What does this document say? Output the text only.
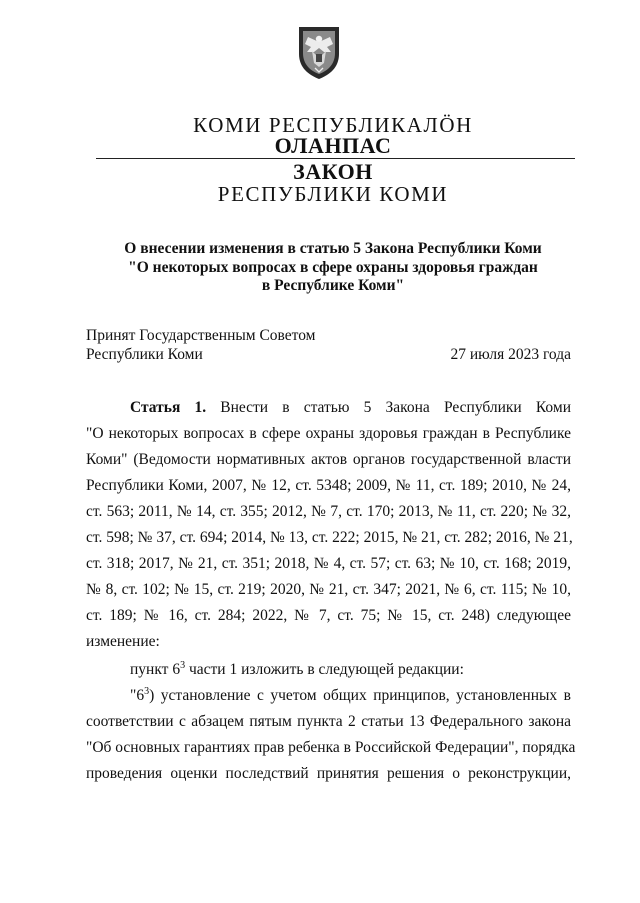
КОМИ РЕСПУБЛИКАЛӦН
ОЛАНПАС
ЗАКОН
РЕСПУБЛИКИ КОМИ
О внесении изменения в статью 5 Закона Республики Коми
"О некоторых вопросах в сфере охраны здоровья граждан
в Республике Коми"
Принят Государственным Советом
Республики Коми	27 июля 2023 года
Статья 1. Внести в статью 5 Закона Республики Коми
"О некоторых вопросах в сфере охраны здоровья граждан в Республике
Коми" (Ведомости нормативных актов органов государственной власти
Республики Коми, 2007, № 12, ст. 5348; 2009, № 11, ст. 189; 2010, № 24,
ст. 563; 2011, № 14, ст. 355; 2012, № 7, ст. 170; 2013, № 11, ст. 220; № 32,
ст. 598; № 37, ст. 694; 2014, № 13, ст. 222; 2015, № 21, ст. 282; 2016, № 21,
ст. 318; 2017, № 21, ст. 351; 2018, № 4, ст. 57; ст. 63; № 10, ст. 168; 2019,
№ 8, ст. 102; № 15, ст. 219; 2020, № 21, ст. 347; 2021, № 6, ст. 115; № 10,
ст. 189; № 16, ст. 284; 2022, № 7, ст. 75; № 15, ст. 248) следующее
изменение:
пункт $6^3$ части 1 изложить в следующей редакции:
"$6^3$) установление с учетом общих принципов, установленных в
соответствии с абзацем пятым пункта 2 статьи 13 Федерального закона
"Об основных гарантиях прав ребенка в Российской Федерации", порядка
проведения оценки последствий принятия решения о реконструкции,
